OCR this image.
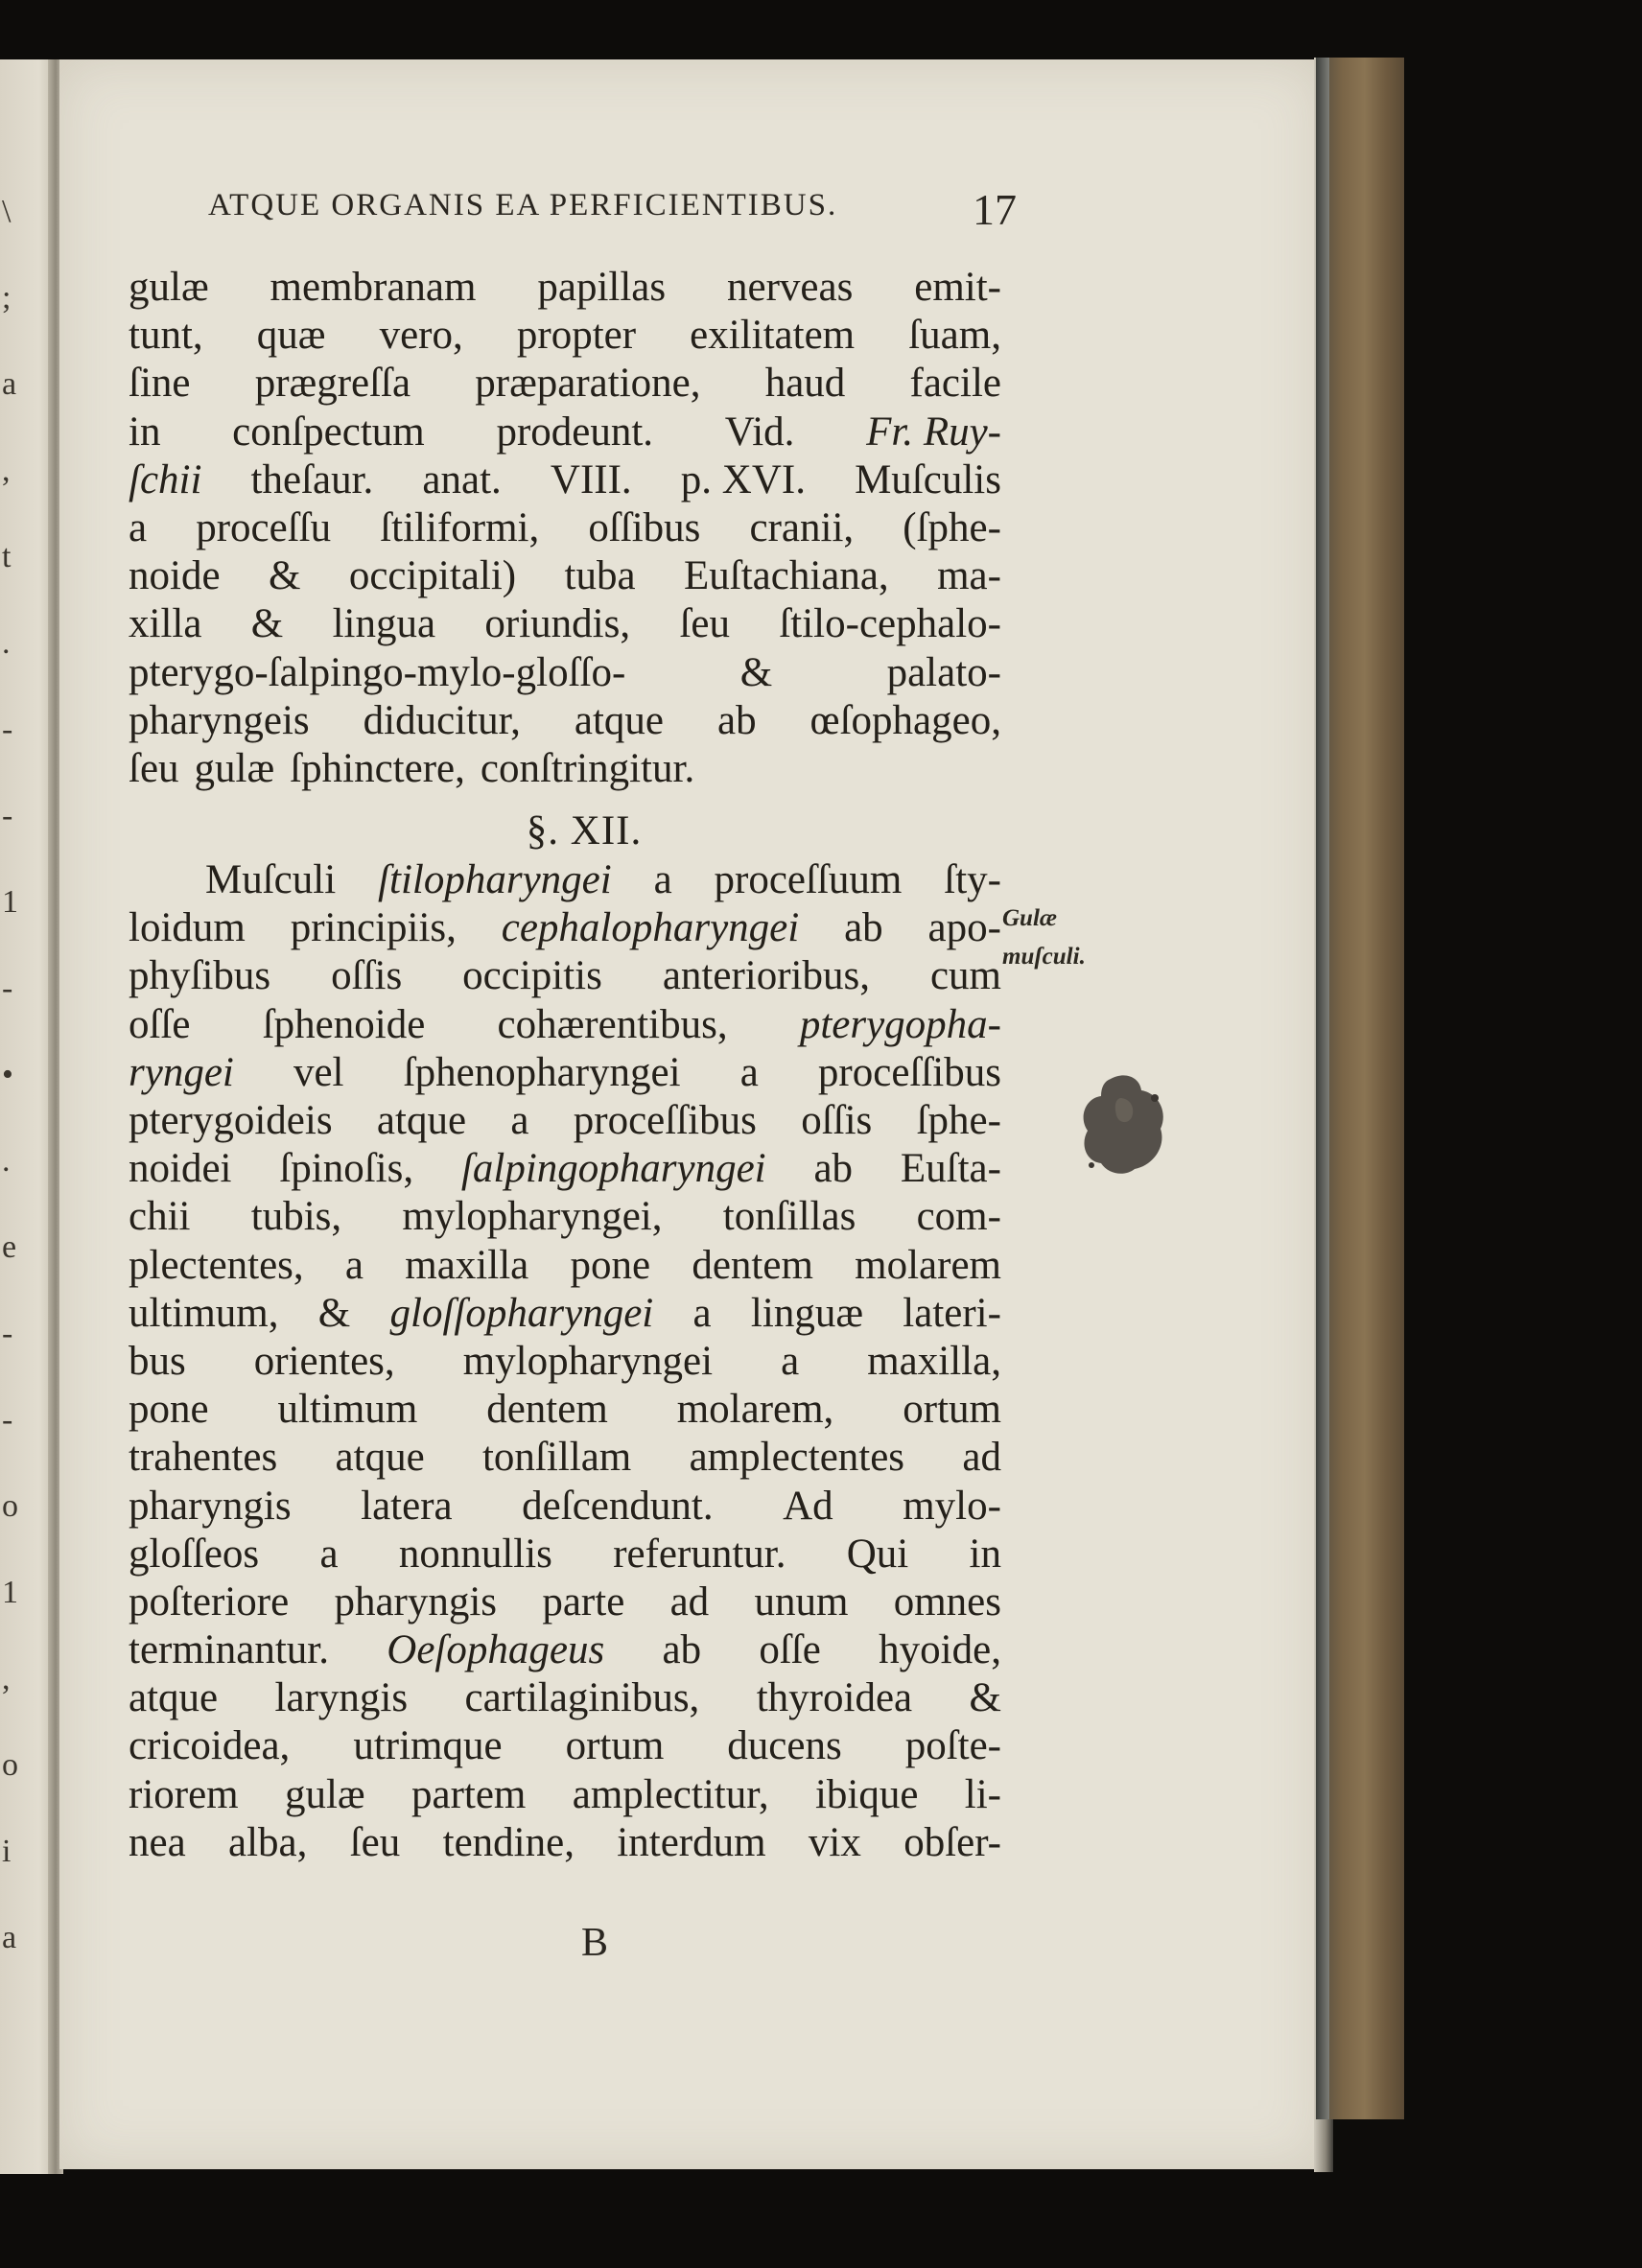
\
;
a
,
t
.
-
-
1
-
•
.
e
-
-
o
1
,
o
i
a
ATQUE ORGANIS EA PERFICIENTIBUS.	17
gulæ membranam papillas nerveas emit-
tunt, quæ vero, propter exilitatem ſuam,
ſine prægreſſa præparatione, haud facile
in conſpectum prodeunt. Vid. Fr. Ruy-
ſchii theſaur. anat. VIII. p. XVI. Muſculis
a proceſſu ſtiliformi, oſſibus cranii, (ſphe-
noide & occipitali) tuba Euſtachiana, ma-
xilla & lingua oriundis, ſeu ſtilo-cephalo-
pterygo-ſalpingo-mylo-gloſſo-	&	palato-
pharyngeis diducitur, atque ab œſophageo,
ſeu gulæ ſphinctere, conſtringitur.
§. XII.
Muſculi ſtilopharyngei a proceſſuum ſty-
loidum principiis, cephalopharyngei ab apo-
phyſibus oſſis occipitis anterioribus, cum
oſſe ſphenoide cohærentibus, pterygopha-
ryngei vel ſphenopharyngei a proceſſibus
pterygoideis atque a proceſſibus oſſis ſphe-
noidei ſpinoſis, ſalpingopharyngei ab Euſta-
chii tubis, mylopharyngei, tonſillas com-
plectentes, a maxilla pone dentem molarem
ultimum, & gloſſopharyngei a linguæ lateri-
bus orientes, mylopharyngei a maxilla,
pone ultimum dentem molarem, ortum
trahentes atque tonſillam amplectentes ad
pharyngis latera deſcendunt. Ad mylo-
gloſſeos a nonnullis referuntur. Qui in
poſteriore pharyngis parte ad unum omnes
terminantur. Oeſophageus ab oſſe hyoide,
atque laryngis cartilaginibus, thyroidea &
cricoidea, utrimque ortum ducens poſte-
riorem gulæ partem amplectitur, ibique li-
nea alba, ſeu tendine, interdum vix obſer-
Gulæ
muſculi.
B
